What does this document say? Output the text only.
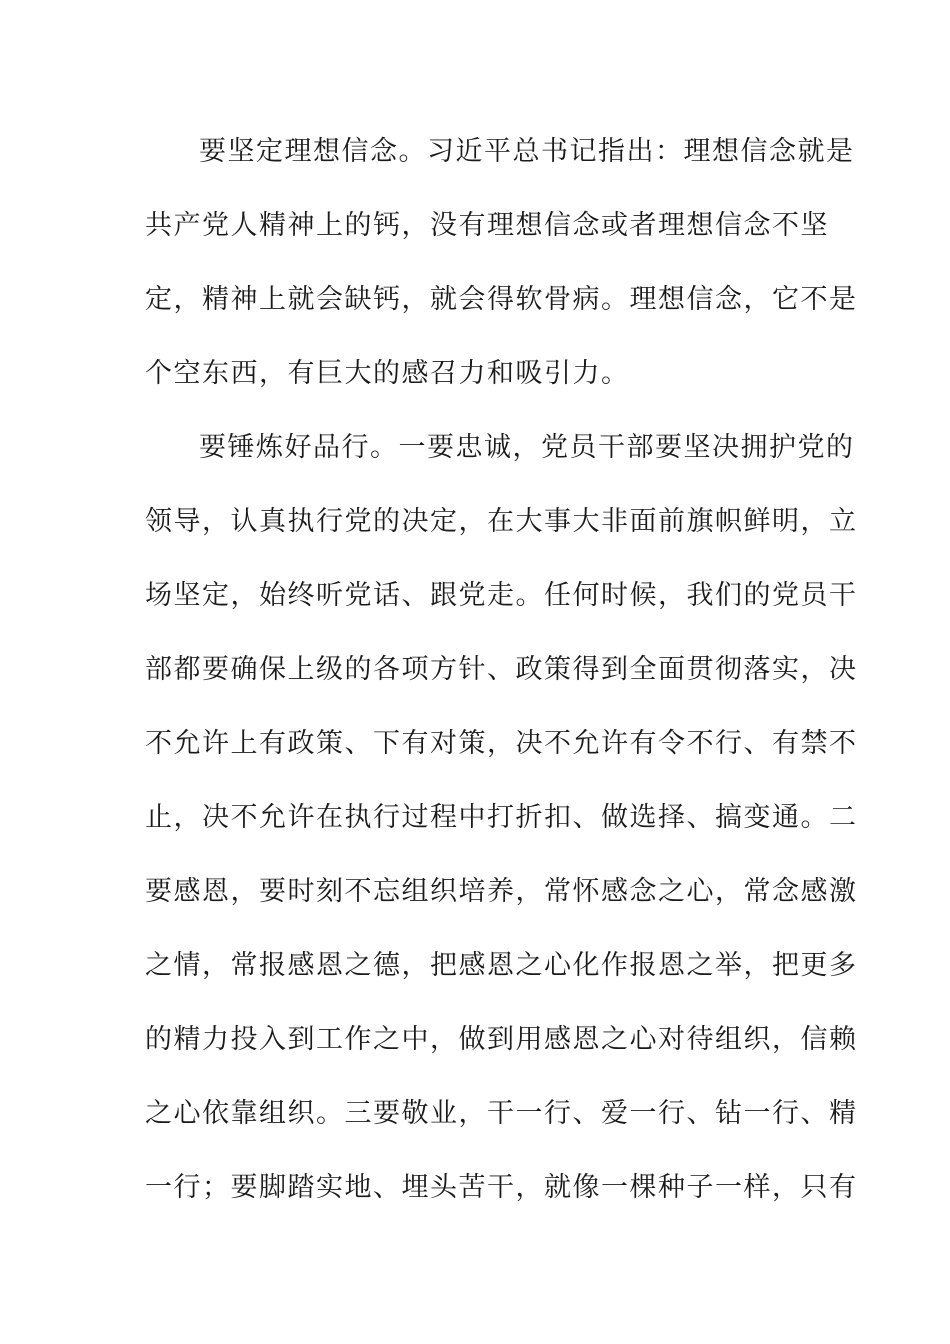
要坚定理想信念。习近平总书记指出：理想信念就是
共产党人精神上的钙，没有理想信念或者理想信念不坚
定，精神上就会缺钙，就会得软骨病。理想信念，它不是
个空东西，有巨大的感召力和吸引力。
要锤炼好品行。一要忠诚，党员干部要坚决拥护党的
领导，认真执行党的决定，在大事大非面前旗帜鲜明，立
场坚定，始终听党话、跟党走。任何时候，我们的党员干
部都要确保上级的各项方针、政策得到全面贯彻落实，决
不允许上有政策、下有对策，决不允许有令不行、有禁不
止，决不允许在执行过程中打折扣、做选择、搞变通。二
要感恩，要时刻不忘组织培养，常怀感念之心，常念感激
之情，常报感恩之德，把感恩之心化作报恩之举，把更多
的精力投入到工作之中，做到用感恩之心对待组织，信赖
之心依靠组织。三要敬业，干一行、爱一行、钻一行、精
一行；要脚踏实地、埋头苦干，就像一棵种子一样，只有
